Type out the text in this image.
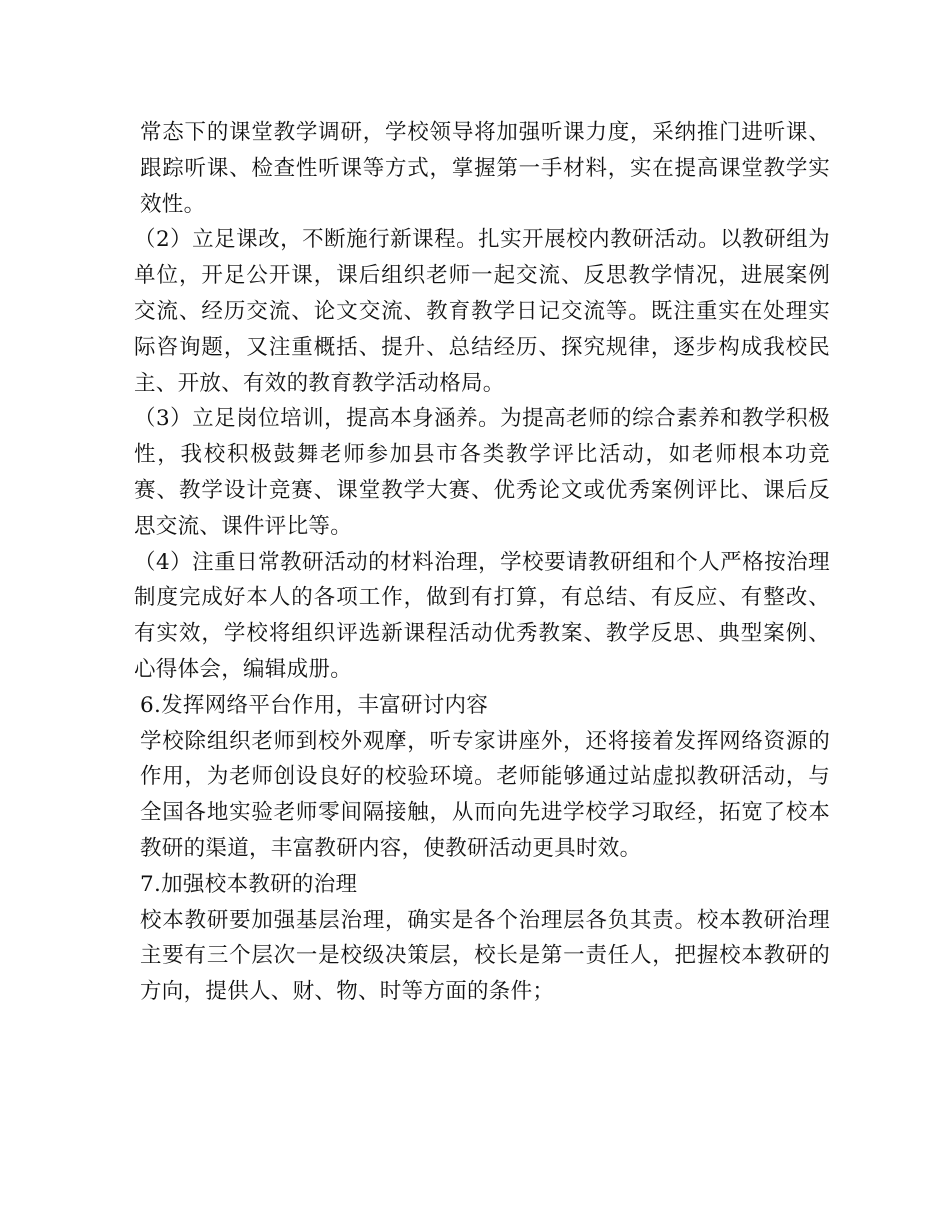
常态下的课堂教学调研，学校领导将加强听课力度，采纳推门进听课、跟踪听课、检查性听课等方式，掌握第一手材料，实在提高课堂教学实效性。

（2）立足课改，不断施行新课程。扎实开展校内教研活动。以教研组为单位，开足公开课，课后组织老师一起交流、反思教学情况，进展案例交流、经历交流、论文交流、教育教学日记交流等。既注重实在处理实际咨询题，又注重概括、提升、总结经历、探究规律，逐步构成我校民主、开放、有效的教育教学活动格局。

（3）立足岗位培训，提高本身涵养。为提高老师的综合素养和教学积极性，我校积极鼓舞老师参加县市各类教学评比活动，如老师根本功竞赛、教学设计竞赛、课堂教学大赛、优秀论文或优秀案例评比、课后反思交流、课件评比等。

（4）注重日常教研活动的材料治理，学校要请教研组和个人严格按治理制度完成好本人的各项工作，做到有打算，有总结、有反应、有整改、有实效，学校将组织评选新课程活动优秀教案、教学反思、典型案例、心得体会，编辑成册。

6.发挥网络平台作用，丰富研讨内容

学校除组织老师到校外观摩，听专家讲座外，还将接着发挥网络资源的作用，为老师创设良好的校验环境。老师能够通过站虚拟教研活动，与全国各地实验老师零间隔接触，从而向先进学校学习取经，拓宽了校本教研的渠道，丰富教研内容，使教研活动更具时效。

7.加强校本教研的治理

校本教研要加强基层治理，确实是各个治理层各负其责。校本教研治理主要有三个层次一是校级决策层，校长是第一责任人，把握校本教研的方向，提供人、财、物、时等方面的条件；
